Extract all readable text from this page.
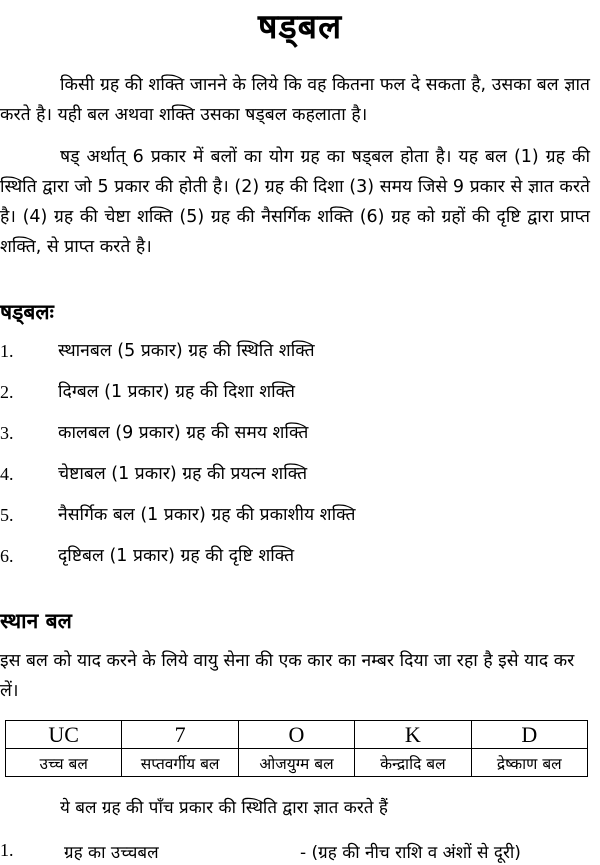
षड्बल

किसी ग्रह की शक्ति जानने के लिये कि वह कितना फल दे सकता है, उसका बल ज्ञात करते है। यही बल अथवा शक्ति उसका षड्बल कहलाता है।

षड् अर्थात् 6 प्रकार में बलों का योग ग्रह का षड्बल होता है। यह बल (1) ग्रह की स्थिति द्वारा जो 5 प्रकार की होती है। (2) ग्रह की दिशा (3) समय जिसे 9 प्रकार से ज्ञात करते है। (4) ग्रह की चेष्टा शक्ति (5) ग्रह की नैसर्गिक शक्ति (6) ग्रह को ग्रहों की दृष्टि द्वारा प्राप्त शक्ति, से प्राप्त करते है।

षड्बलः
1.	स्थानबल (5 प्रकार) ग्रह की स्थिति शक्ति
2.	दिग्बल (1 प्रकार) ग्रह की दिशा शक्ति
3.	कालबल (9 प्रकार) ग्रह की समय शक्ति
4.	चेष्टाबल (1 प्रकार) ग्रह की प्रयत्न शक्ति
5.	नैसर्गिक बल (1 प्रकार) ग्रह की प्रकाशीय शक्ति
6.	दृष्टिबल (1 प्रकार) ग्रह की दृष्टि शक्ति
स्थान बल
इस बल को याद करने के लिये वायु सेना की एक कार का नम्बर दिया जा रहा है इसे याद कर लें।
UC	7	O	K	D
उच्च बल	सप्तवर्गीय बल	ओजयुग्म बल	केन्द्रादि बल	द्रेष्काण बल
ये बल ग्रह की पाँच प्रकार की स्थिति द्वारा ज्ञात करते हैं
1.	ग्रह का उच्चबल	- (ग्रह की नीच राशि व अंशों से दूरी)
